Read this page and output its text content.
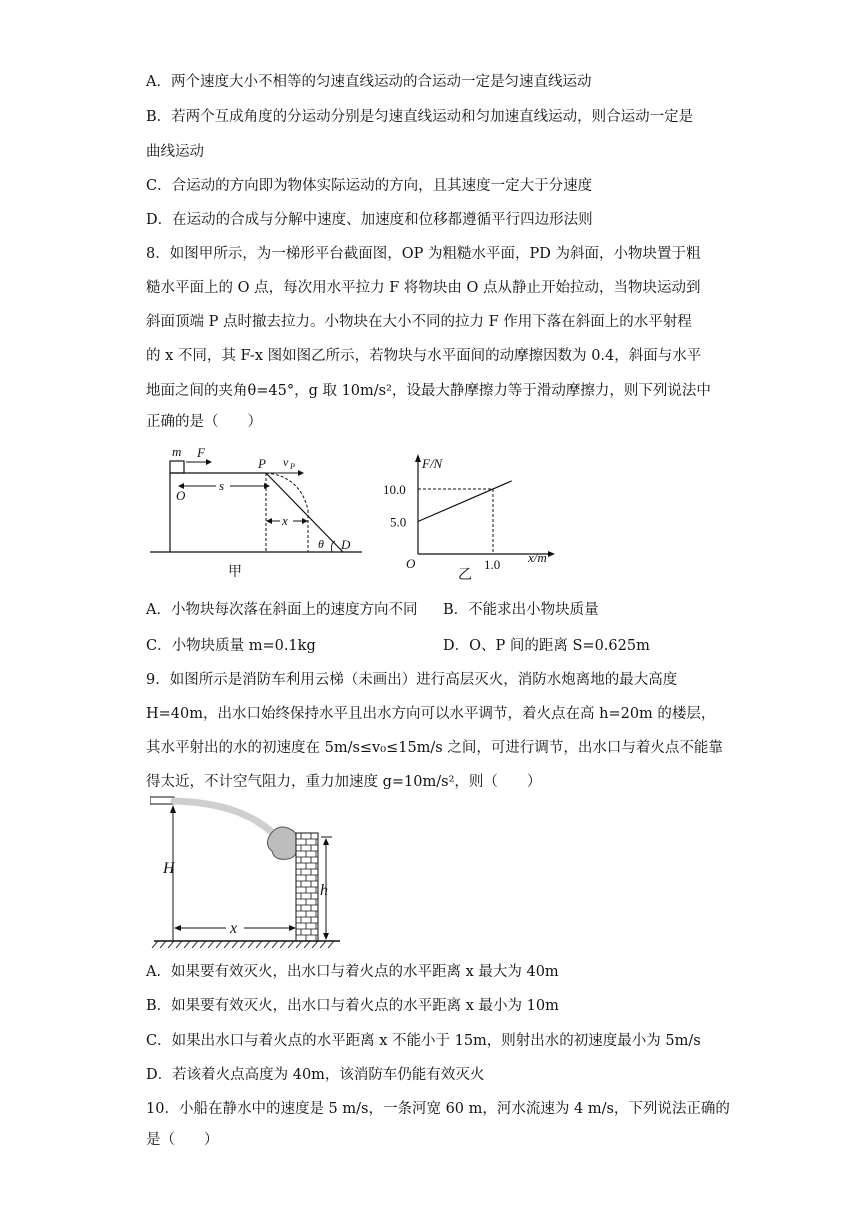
A．两个速度大小不相等的匀速直线运动的合运动一定是匀速直线运动
B．若两个互成角度的分运动分别是匀速直线运动和匀加速直线运动，则合运动一定是
曲线运动
C．合运动的方向即为物体实际运动的方向，且其速度一定大于分速度
D．在运动的合成与分解中速度、加速度和位移都遵循平行四边形法则
8．如图甲所示，为一梯形平台截面图，OP 为粗糙水平面，PD 为斜面，小物块置于粗
糙水平面上的 O 点，每次用水平拉力 F 将物块由 O 点从静止开始拉动，当物块运动到
斜面顶端 P 点时撤去拉力。小物块在大小不同的拉力 F 作用下落在斜面上的水平射程
的 x 不同，其 F-x 图如图乙所示，若物块与水平面间的动摩擦因数为 0.4，斜面与水平
地面之间的夹角θ=45°，g 取 10m/s²，设最大静摩擦力等于滑动摩擦力，则下列说法中
正确的是（　　）
m F
O
P v P
s
x
θ D
甲
F/N
x/m
O
乙
10.0
5.0
1.0
A．小物块每次落在斜面上的速度方向不同 B．不能求出小物块质量
C．小物块质量 m=0.1kg	D．O、P 间的距离 S=0.625m
9．如图所示是消防车利用云梯（未画出）进行高层灭火，消防水炮离地的最大高度
H=40m，出水口始终保持水平且出水方向可以水平调节，着火点在高 h=20m 的楼层，
其水平射出的水的初速度在 5m/s≤v₀≤15m/s 之间，可进行调节，出水口与着火点不能靠
得太近，不计空气阻力，重力加速度 g=10m/s²，则（　　）
H
x
h
A．如果要有效灭火，出水口与着火点的水平距离 x 最大为 40m
B．如果要有效灭火，出水口与着火点的水平距离 x 最小为 10m
C．如果出水口与着火点的水平距离 x 不能小于 15m，则射出水的初速度最小为 5m/s
D．若该着火点高度为 40m，该消防车仍能有效灭火
10．小船在静水中的速度是 5 m/s，一条河宽 60 m，河水流速为 4 m/s，下列说法正确的
是（　　）
